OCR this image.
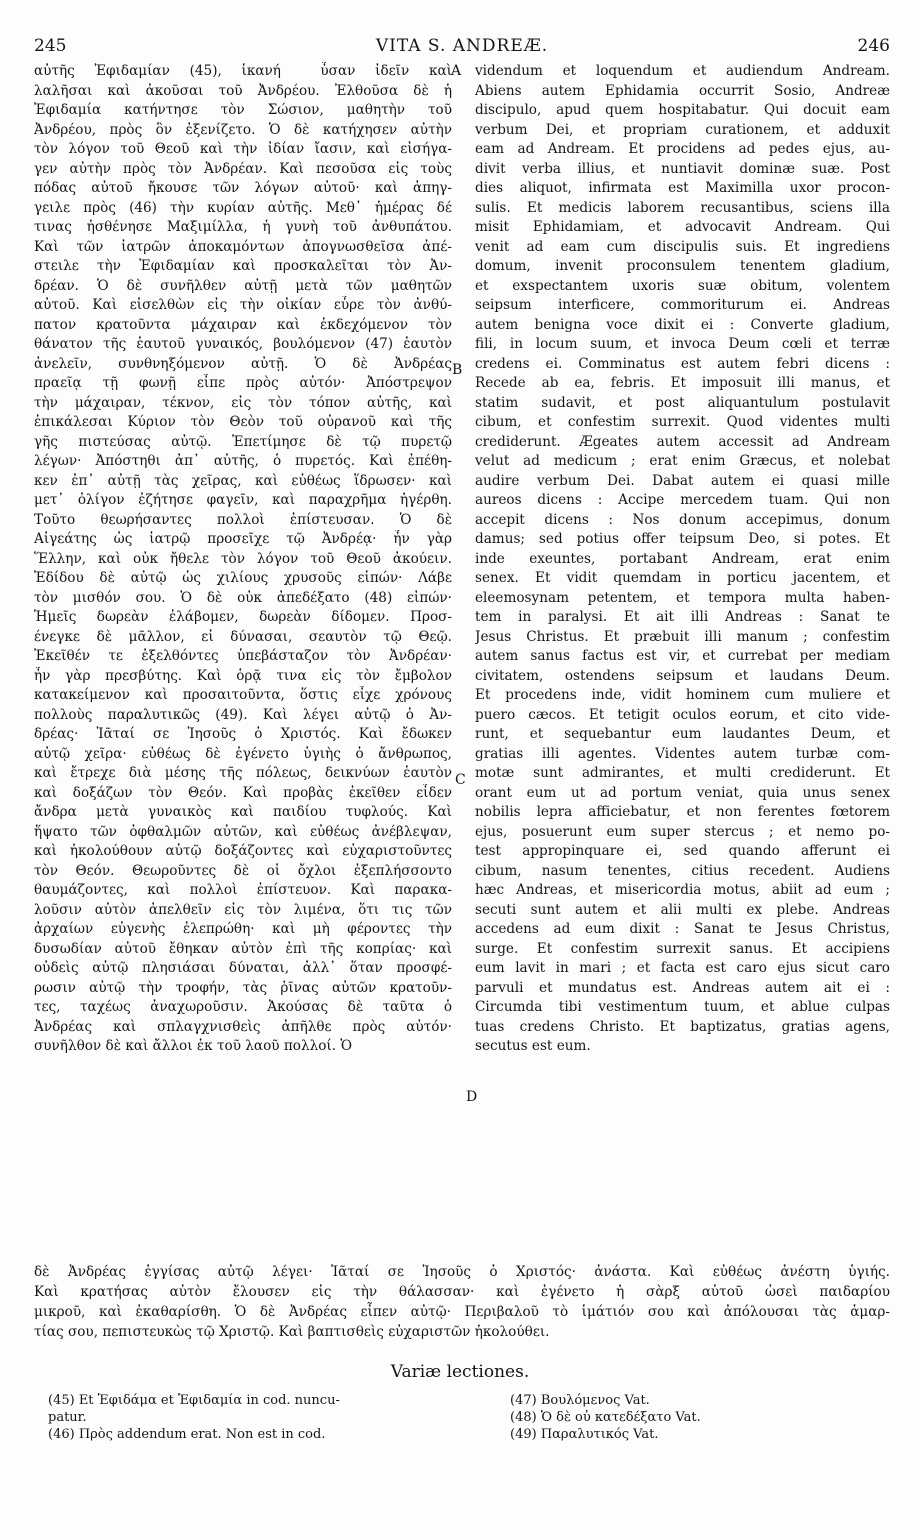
245	VITA S. ANDREÆ.	246
αὐτῆς Ἐφιδαμίαν (45), ἱκανή  ὖσαν ἰδεῖν καὶ
λαλῆσαι καὶ ἀκοῦσαι τοῦ Ἀνδρέου. Ἐλθοῦσα δὲ ἡ
Ἐφιδαμία κατήντησε τὸν Σώσιον, μαθητὴν τοῦ
Ἀνδρέου, πρὸς ὃν ἐξενίζετο. Ὁ δὲ κατήχησεν αὐτὴν
τὸν λόγον τοῦ Θεοῦ καὶ τὴν ἰδίαν ἴασιν, καὶ εἰσήγα-
γεν αὐτὴν πρὸς τὸν Ἀνδρέαν. Καὶ πεσοῦσα εἰς τοὺς
πόδας αὐτοῦ ἤκουσε τῶν λόγων αὐτοῦ· καὶ ἀπηγ-
γειλε πρὸς (46) τὴν κυρίαν αὐτῆς. Μεθ᾽ ἡμέρας δέ
τινας ἠσθένησε Μαξιμίλλα, ἡ γυνὴ τοῦ ἀνθυπάτου.
Καὶ τῶν ἰατρῶν ἀποκαμόντων ἀπογνωσθεῖσα ἀπέ-
στειλε τὴν Ἐφιδαμίαν καὶ προσκαλεῖται τὸν Ἀν-
δρέαν. Ὁ δὲ συνῆλθεν αὐτῇ μετὰ τῶν μαθητῶν
αὐτοῦ. Καὶ εἰσελθὼν εἰς τὴν οἰκίαν εὗρε τὸν ἀνθύ-
πατον κρατοῦντα μάχαιραν καὶ ἐκδεχόμενον τὸν
θάνατον τῆς ἑαυτοῦ γυναικός, βουλόμενον (47) ἑαυτὸν
ἀνελεῖν, συνθνηξόμενον αὐτῇ. Ὁ δὲ Ἀνδρέας
πραεῖᾳ τῇ φωνῇ εἶπε πρὸς αὐτόν· Ἀπόστρεψον
τὴν μάχαιραν, τέκνον, εἰς τὸν τόπον αὐτῆς, καὶ
ἐπικάλεσαι Κύριον τὸν Θεὸν τοῦ οὐρανοῦ καὶ τῆς
γῆς πιστεύσας αὐτῷ. Ἐπετίμησε δὲ τῷ πυρετῷ
λέγων· Ἀπόστηθι ἀπ᾽ αὐτῆς, ὁ πυρετός. Καὶ ἐπέθη-
κεν ἐπ᾽ αὐτῇ τὰς χεῖρας, καὶ εὐθέως ἵδρωσεν· καὶ
μετ᾽ ὀλίγον ἐζήτησε φαγεῖν, καὶ παραχρῆμα ἠγέρθη.
Τοῦτο θεωρήσαντες πολλοὶ ἐπίστευσαν. Ὁ δὲ
Αἰγεάτης ὡς ἰατρῷ προσεῖχε τῷ Ἀνδρέᾳ· ἦν γὰρ
Ἕλλην, καὶ οὐκ ἤθελε τὸν λόγον τοῦ Θεοῦ ἀκούειν.
Ἐδίδου δὲ αὐτῷ ὡς χιλίους χρυσοῦς εἰπών· Λάβε
τὸν μισθόν σου. Ὁ δὲ οὐκ ἀπεδέξατο (48) εἰπών·
Ἡμεῖς δωρεὰν ἐλάβομεν, δωρεὰν δίδομεν. Προσ-
ένεγκε δὲ μᾶλλον, εἰ δύνασαι, σεαυτὸν τῷ Θεῷ.
Ἐκεῖθέν τε ἐξελθόντες ὑπεβάσταζον τὸν Ἀνδρέαν·
ἦν γὰρ πρεσβύτης. Καὶ ὁρᾷ τινα εἰς τὸν ἔμβολον
κατακείμενον καὶ προσαιτοῦντα, ὅστις εἶχε χρόνους
πολλοὺς παραλυτικῶς (49). Καὶ λέγει αὐτῷ ὁ Ἀν-
δρέας· Ἰᾶταί σε Ἰησοῦς ὁ Χριστός. Καὶ ἔδωκεν
αὐτῷ χεῖρα· εὐθέως δὲ ἐγένετο ὑγιὴς ὁ ἄνθρωπος,
καὶ ἔτρεχε διὰ μέσης τῆς πόλεως, δεικνύων ἑαυτὸν
καὶ δοξάζων τὸν Θεόν. Καὶ προβὰς ἐκεῖθεν εἶδεν
ἄνδρα μετὰ γυναικὸς καὶ παιδίου τυφλούς. Καὶ
ἥψατο τῶν ὀφθαλμῶν αὐτῶν, καὶ εὐθέως ἀνέβλεψαν,
καὶ ἠκολούθουν αὐτῷ δοξάζοντες καὶ εὐχαριστοῦντες
τὸν Θεόν. Θεωροῦντες δὲ οἱ ὄχλοι ἐξεπλήσσοντο
θαυμάζοντες, καὶ πολλοὶ ἐπίστευον. Καὶ παρακα-
λοῦσιν αὐτὸν ἀπελθεῖν εἰς τὸν λιμένα, ὅτι τις τῶν
ἀρχαίων εὐγενὴς ἐλεπρώθη· καὶ μὴ φέροντες τὴν
δυσωδίαν αὐτοῦ ἔθηκαν αὐτὸν ἐπὶ τῆς κοπρίας· καὶ
οὐδεὶς αὐτῷ πλησιάσαι δύναται, ἀλλ᾽ ὅταν προσφέ-
ρωσιν αὐτῷ τὴν τροφήν, τὰς ῥῖνας αὐτῶν κρατοῦν-
τες, ταχέως ἀναχωροῦσιν. Ἀκούσας δὲ ταῦτα ὁ
Ἀνδρέας καὶ σπλαγχνισθεὶς ἀπῆλθε πρὸς αὐτόν·
συνῆλθον δὲ καὶ ἄλλοι ἐκ τοῦ λαοῦ πολλοί. Ὁ
videndum et loquendum et audiendum Andream.
Abiens autem Ephidamia occurrit Sosio, Andreæ
discipulo, apud quem hospitabatur. Qui docuit eam
verbum Dei, et propriam curationem, et adduxit
eam ad Andream. Et procidens ad pedes ejus, au-
divit verba illius, et nuntiavit dominæ suæ. Post
dies aliquot, infirmata est Maximilla uxor procon-
sulis. Et medicis laborem recusantibus, sciens illa
misit Ephidamiam, et advocavit Andream. Qui
venit ad eam cum discipulis suis. Et ingrediens
domum, invenit proconsulem tenentem gladium,
et exspectantem uxoris suæ obitum, volentem
seipsum interficere, commoriturum ei. Andreas
autem benigna voce dixit ei : Converte gladium,
fili, in locum suum, et invoca Deum cœli et terræ
credens ei. Comminatus est autem febri dicens :
Recede ab ea, febris. Et imposuit illi manus, et
statim sudavit, et post aliquantulum postulavit
cibum, et confestim surrexit. Quod videntes multi
crediderunt. Ægeates autem accessit ad Andream
velut ad medicum ; erat enim Græcus, et nolebat
audire verbum Dei. Dabat autem ei quasi mille
aureos dicens : Accipe mercedem tuam. Qui non
accepit dicens : Nos donum accepimus, donum
damus; sed potius offer teipsum Deo, si potes. Et
inde exeuntes, portabant Andream, erat enim
senex. Et vidit quemdam in porticu jacentem, et
eleemosynam petentem, et tempora multa haben-
tem in paralysi. Et ait illi Andreas : Sanat te
Jesus Christus. Et præbuit illi manum ; confestim
autem sanus factus est vir, et currebat per mediam
civitatem, ostendens seipsum et laudans Deum.
Et procedens inde, vidit hominem cum muliere et
puero cæcos. Et tetigit oculos eorum, et cito vide-
runt, et sequebantur eum laudantes Deum, et
gratias illi agentes. Videntes autem turbæ com-
motæ sunt admirantes, et multi crediderunt. Et
orant eum ut ad portum veniat, quia unus senex
nobilis lepra afficiebatur, et non ferentes fœtorem
ejus, posuerunt eum super stercus ; et nemo po-
test appropinquare ei, sed quando afferunt ei
cibum, nasum tenentes, citius recedent. Audiens
hæc Andreas, et misericordia motus, abiit ad eum ;
secuti sunt autem et alii multi ex plebe. Andreas
accedens ad eum dixit : Sanat te Jesus Christus,
surge. Et confestim surrexit sanus. Et accipiens
eum lavit in mari ; et facta est caro ejus sicut caro
parvuli et mundatus est. Andreas autem ait ei :
Circumda tibi vestimentum tuum, et ablue culpas
tuas credens Christo. Et baptizatus, gratias agens,
secutus est eum.
A
B
C
D
δὲ Ἀνδρέας ἐγγίσας αὐτῷ λέγει· Ἰᾶταί σε Ἰησοῦς ὁ Χριστός· ἀνάστα. Καὶ εὐθέως ἀνέστη ὑγιής.
Καὶ κρατήσας αὐτὸν ἔλουσεν εἰς τὴν θάλασσαν· καὶ ἐγένετο ἡ σὰρξ αὐτοῦ ὡσεὶ παιδαρίου
μικροῦ, καὶ ἐκαθαρίσθη. Ὁ δὲ Ἀνδρέας εἶπεν αὐτῷ· Περιβαλοῦ τὸ ἱμάτιόν σου καὶ ἀπόλουσαι τὰς ἁμαρ-
τίας σου, πεπιστευκὼς τῷ Χριστῷ. Καὶ βαπτισθεὶς εὐχαριστῶν ἠκολούθει.
Variæ lectiones.
(45) Et Ἐφιδάμα et Ἐφιδαμία in cod. nuncu-
patur.
(46) Πρὸς addendum erat. Non est in cod.
(47) Βουλόμενος Vat.
(48) Ὁ δὲ οὐ κατεδέξατο Vat.
(49) Παραλυτικός Vat.
